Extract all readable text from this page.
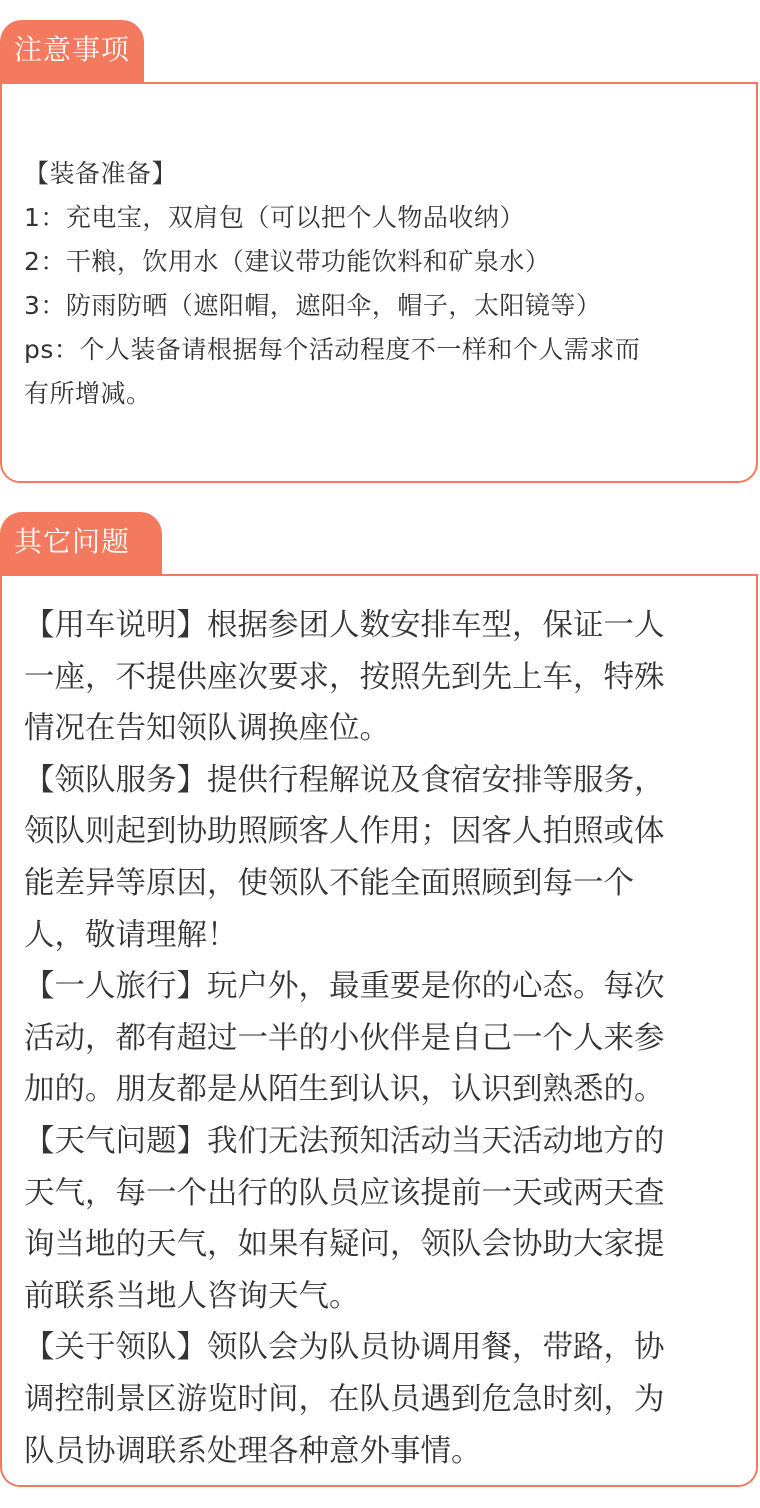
注意事项
【装备准备】
1：充电宝，双肩包（可以把个人物品收纳）
2：干粮，饮用水（建议带功能饮料和矿泉水）
3：防雨防晒（遮阳帽，遮阳伞，帽子，太阳镜等）
ps：个人装备请根据每个活动程度不一样和个人需求而
有所增减。
其它问题
【用车说明】根据参团人数安排车型，保证一人
一座，不提供座次要求，按照先到先上车，特殊
情况在告知领队调换座位。
【领队服务】提供行程解说及食宿安排等服务，
领队则起到协助照顾客人作用；因客人拍照或体
能差异等原因，使领队不能全面照顾到每一个
人，敬请理解！
【一人旅行】玩户外，最重要是你的心态。每次
活动，都有超过一半的小伙伴是自己一个人来参
加的。朋友都是从陌生到认识，认识到熟悉的。
【天气问题】我们无法预知活动当天活动地方的
天气，每一个出行的队员应该提前一天或两天查
询当地的天气，如果有疑问，领队会协助大家提
前联系当地人咨询天气。
【关于领队】领队会为队员协调用餐，带路，协
调控制景区游览时间，在队员遇到危急时刻，为
队员协调联系处理各种意外事情。
